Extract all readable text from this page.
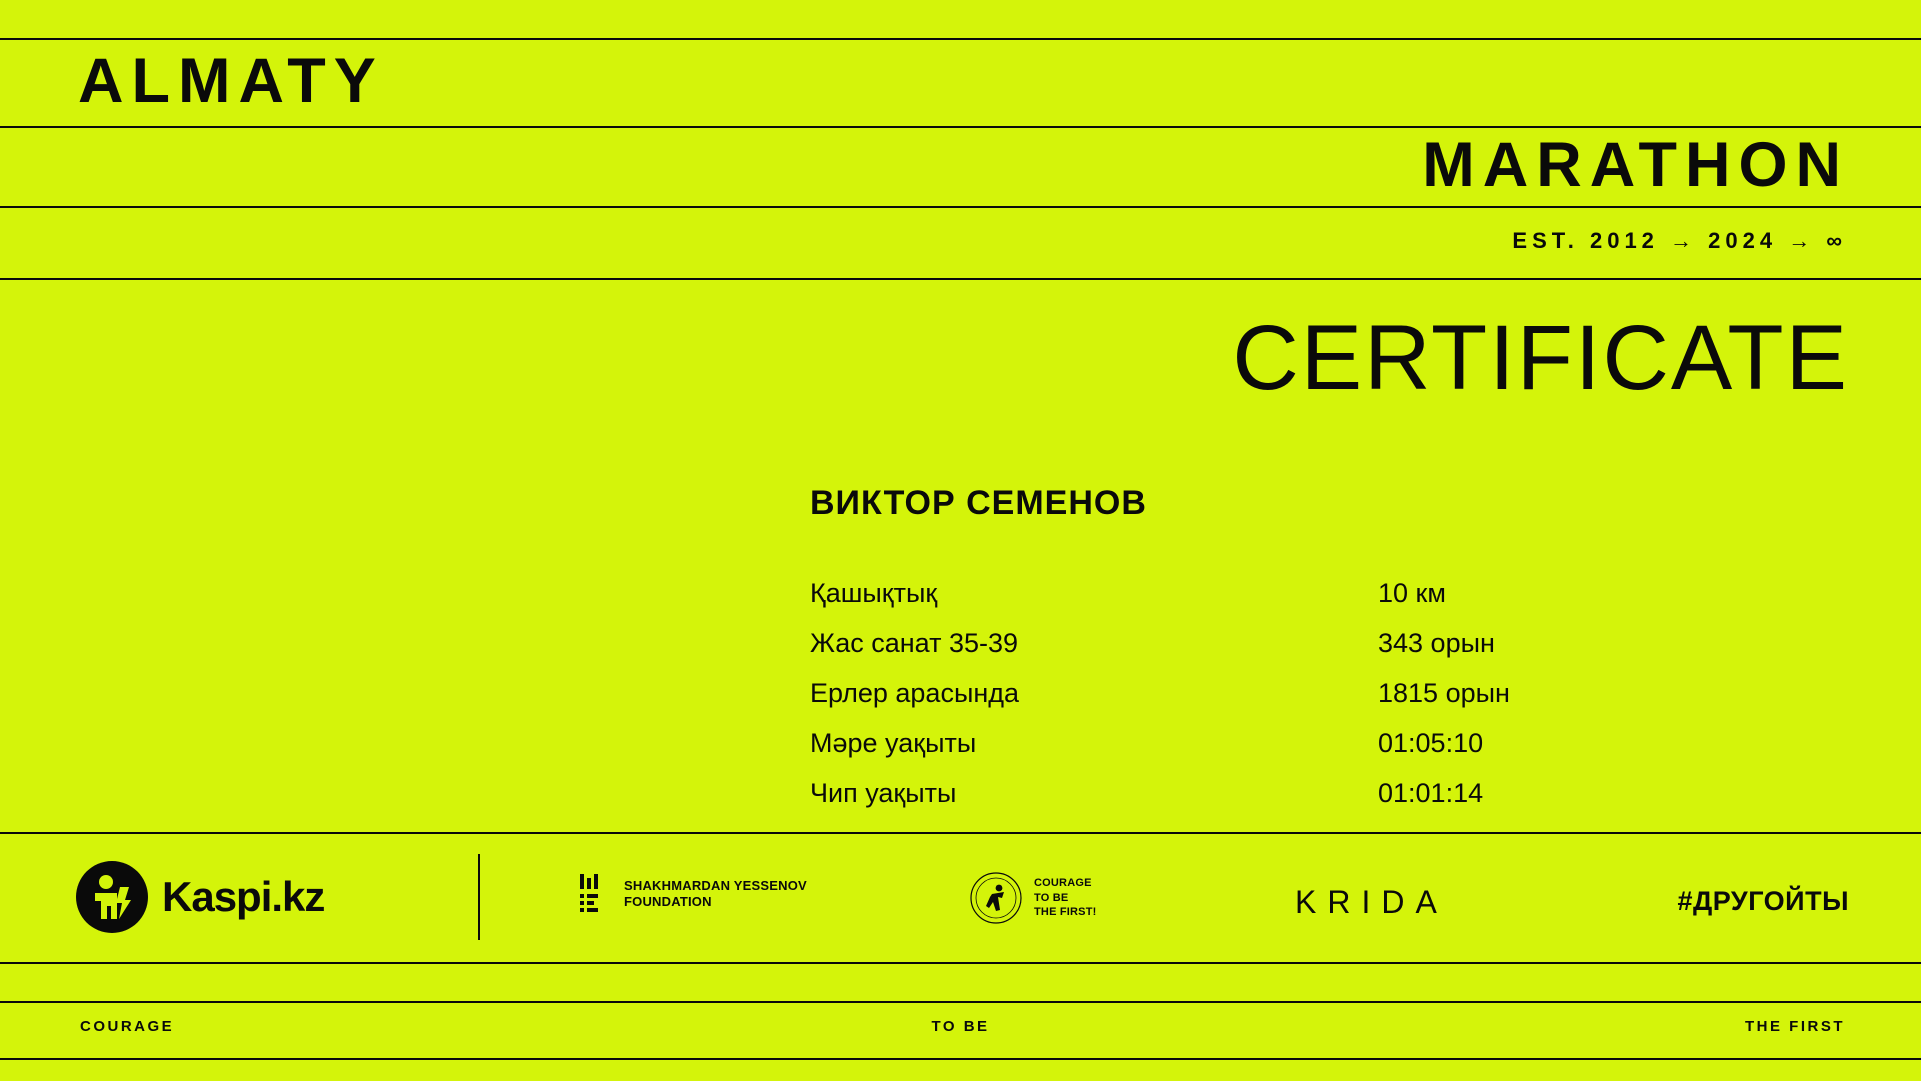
ALMATY
MARATHON
EST. 2012 → 2024 → ∞
CERTIFICATE
ВИКТОР СЕМЕНОВ
Қашықтық	10 км
Жас санат 35-39	343 орын
Ерлер арасында	1815 орын
Мәре уақыты	01:05:10
Чип уақыты	01:01:14
Kaspi.kz	SHAKHMARDAN YESSENOV
FOUNDATION
COURAGE
TO BE
THE FIRST!	KRIDA	#ДРУГОЙТЫ
COURAGE	TO BE	THE FIRST
